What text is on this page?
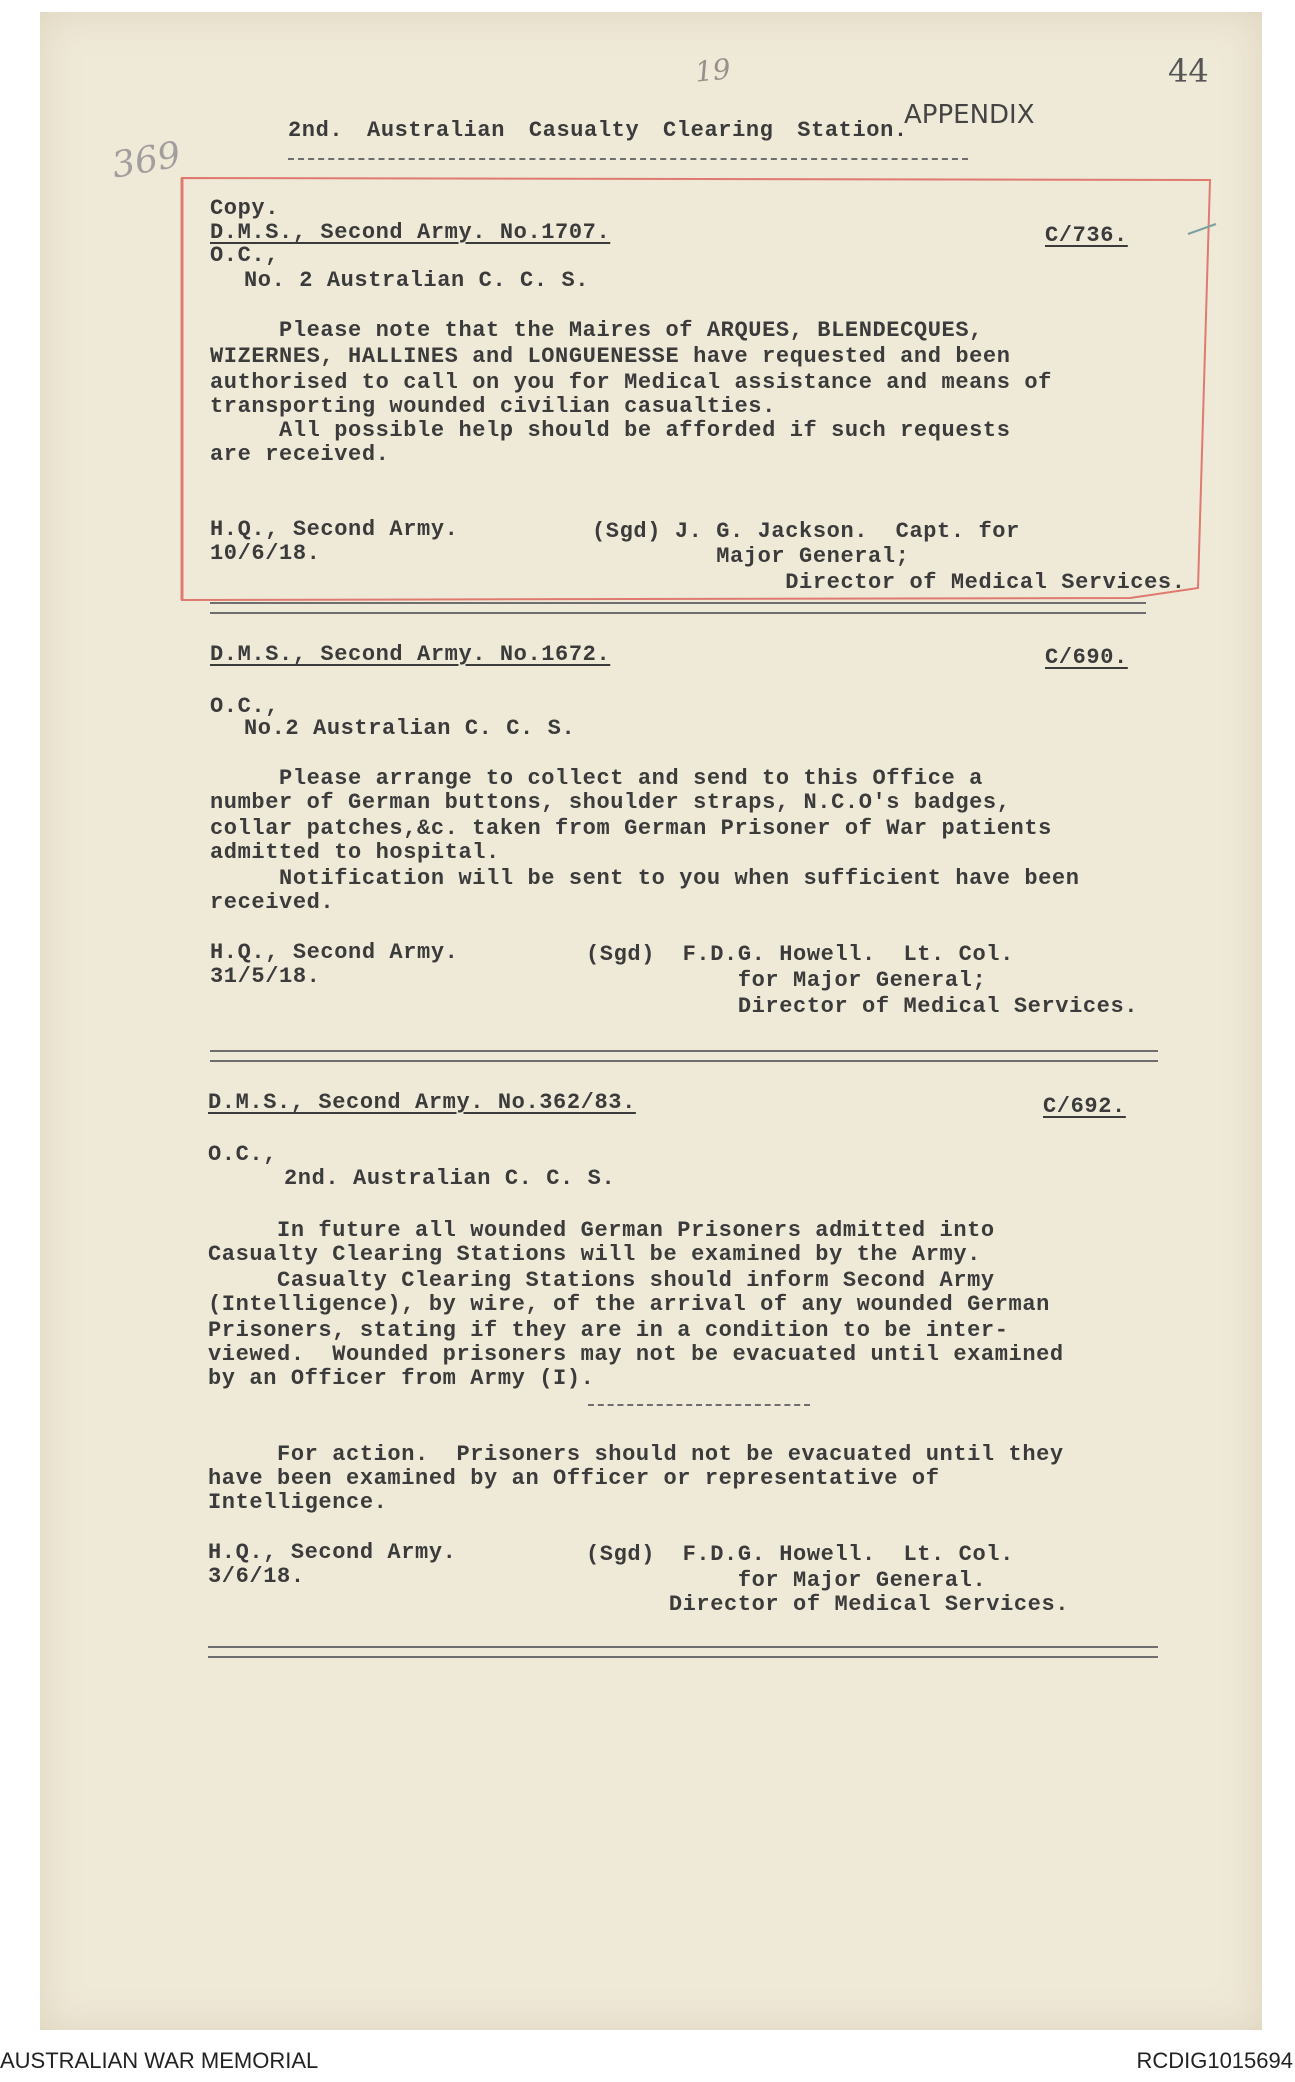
19	44
APPENDIX
369
2nd. Australian Casualty Clearing Station.
Copy.
D.M.S., Second Army. No.1707.	C/736.
O.C.,
No. 2 Australian C. C. S.
Please note that the Maires of ARQUES, BLENDECQUES,
WIZERNES, HALLINES and LONGUENESSE have requested and been
authorised to call on you for Medical assistance and means of
transporting wounded civilian casualties.
All possible help should be afforded if such requests
are received.
H.Q., Second Army.
10/6/18.
(Sgd) J. G. Jackson.  Capt. for
Major General;
Director of Medical Services.
D.M.S., Second Army. No.1672.	C/690.
O.C.,
No.2 Australian C. C. S.
Please arrange to collect and send to this Office a
number of German buttons, shoulder straps, N.C.O's badges,
collar patches,&c. taken from German Prisoner of War patients
admitted to hospital.
Notification will be sent to you when sufficient have been
received.
H.Q., Second Army.
31/5/18.
(Sgd)  F.D.G. Howell.  Lt. Col.
for Major General;
Director of Medical Services.
D.M.S., Second Army. No.362/83.	C/692.
O.C.,
2nd. Australian C. C. S.
In future all wounded German Prisoners admitted into
Casualty Clearing Stations will be examined by the Army.
Casualty Clearing Stations should inform Second Army
(Intelligence), by wire, of the arrival of any wounded German
Prisoners, stating if they are in a condition to be inter-
viewed.  Wounded prisoners may not be evacuated until examined
by an Officer from Army (I).
For action.  Prisoners should not be evacuated until they
have been examined by an Officer or representative of
Intelligence.
H.Q., Second Army.
3/6/18.
(Sgd)  F.D.G. Howell.  Lt. Col.
for Major General.
Director of Medical Services.
AUSTRALIAN WAR MEMORIAL	RCDIG1015694
